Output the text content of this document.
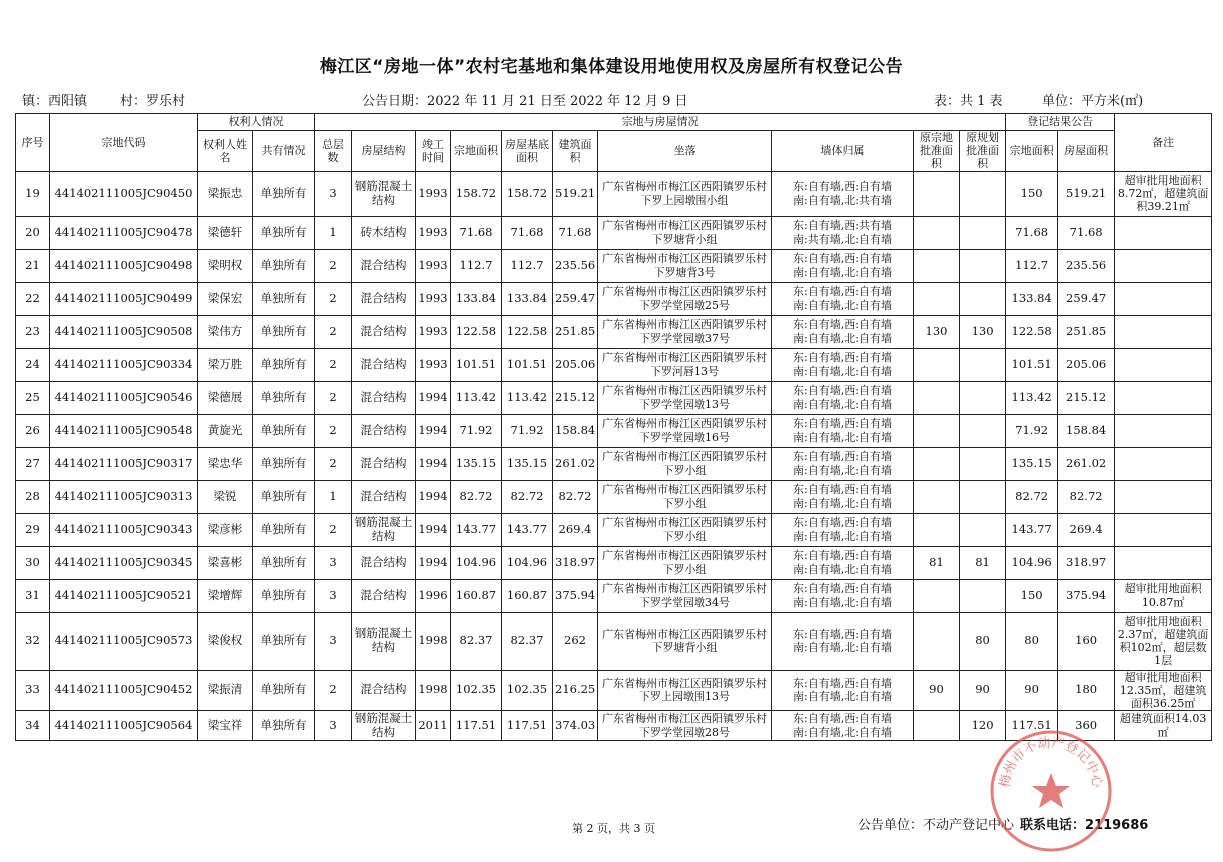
梅江区“房地一体”农村宅基地和集体建设用地使用权及房屋所有权登记公告
镇：西阳镇	村：罗乐村	公告日期：2022 年 11 月 21 日至 2022 年 12 月 9 日	表：共 1 表	单位：平方米(㎡)
序号	宗地代码	权利人情况		宗地与房屋情况										登记结果公告		备注
		权利人姓名	共有情况	总层数	房屋结构	竣工时间	宗地面积	房屋基底面积	建筑面积	坐落	墙体归属	原宗地批准面积	原规划批准面积	宗地面积	房屋面积	
19	441402111005JC90450	梁振忠	单独所有	3	钢筋混凝土结构	1993	158.72	158.72	519.21	广东省梅州市梅江区西阳镇罗乐村下罗上园墩围小组	东:自有墙,西:自有墙
南:自有墙,北:共有墙			150	519.21	超审批用地面积8.72㎡，超建筑面积39.21㎡
20	441402111005JC90478	梁德轩	单独所有	1	砖木结构	1993	71.68	71.68	71.68	广东省梅州市梅江区西阳镇罗乐村下罗塘背小组	东:自有墙,西:共有墙
南:共有墙,北:自有墙			71.68	71.68	
21	441402111005JC90498	梁明权	单独所有	2	混合结构	1993	112.7	112.7	235.56	广东省梅州市梅江区西阳镇罗乐村下罗塘背3号	东:自有墙,西:自有墙
南:自有墙,北:自有墙			112.7	235.56	
22	441402111005JC90499	梁保宏	单独所有	2	混合结构	1993	133.84	133.84	259.47	广东省梅州市梅江区西阳镇罗乐村下罗学堂园墩25号	东:自有墙,西:自有墙
南:自有墙,北:自有墙			133.84	259.47	
23	441402111005JC90508	梁伟方	单独所有	2	混合结构	1993	122.58	122.58	251.85	广东省梅州市梅江区西阳镇罗乐村下罗学堂园墩37号	东:自有墙,西:自有墙
南:自有墙,北:自有墙	130	130	122.58	251.85	
24	441402111005JC90334	梁万胜	单独所有	2	混合结构	1993	101.51	101.51	205.06	广东省梅州市梅江区西阳镇罗乐村下罗河唇13号	东:自有墙,西:自有墙
南:自有墙,北:自有墙			101.51	205.06	
25	441402111005JC90546	梁德展	单独所有	2	混合结构	1994	113.42	113.42	215.12	广东省梅州市梅江区西阳镇罗乐村下罗学堂园墩13号	东:自有墙,西:自有墙
南:自有墙,北:自有墙			113.42	215.12	
26	441402111005JC90548	黄旋光	单独所有	2	混合结构	1994	71.92	71.92	158.84	广东省梅州市梅江区西阳镇罗乐村下罗学堂园墩16号	东:自有墙,西:自有墙
南:自有墙,北:自有墙			71.92	158.84	
27	441402111005JC90317	梁忠华	单独所有	2	混合结构	1994	135.15	135.15	261.02	广东省梅州市梅江区西阳镇罗乐村下罗小组	东:自有墙,西:自有墙
南:自有墙,北:自有墙			135.15	261.02	
28	441402111005JC90313	梁锐	单独所有	1	混合结构	1994	82.72	82.72	82.72	广东省梅州市梅江区西阳镇罗乐村下罗小组	东:自有墙,西:自有墙
南:自有墙,北:自有墙			82.72	82.72	
29	441402111005JC90343	梁彦彬	单独所有	2	钢筋混凝土结构	1994	143.77	143.77	269.4	广东省梅州市梅江区西阳镇罗乐村下罗小组	东:自有墙,西:自有墙
南:自有墙,北:自有墙			143.77	269.4	
30	441402111005JC90345	梁喜彬	单独所有	3	混合结构	1994	104.96	104.96	318.97	广东省梅州市梅江区西阳镇罗乐村下罗小组	东:自有墙,西:自有墙
南:自有墙,北:自有墙	81	81	104.96	318.97	
31	441402111005JC90521	梁增辉	单独所有	3	混合结构	1996	160.87	160.87	375.94	广东省梅州市梅江区西阳镇罗乐村下罗学堂园墩34号	东:自有墙,西:自有墙
南:自有墙,北:自有墙			150	375.94	超审批用地面积10.87㎡
32	441402111005JC90573	梁俊权	单独所有	3	钢筋混凝土结构	1998	82.37	82.37	262	广东省梅州市梅江区西阳镇罗乐村下罗塘背小组	东:自有墙,西:自有墙
南:自有墙,北:自有墙		80	80	160	超审批用地面积2.37㎡，超建筑面积102㎡，超层数1层
33	441402111005JC90452	梁振清	单独所有	2	混合结构	1998	102.35	102.35	216.25	广东省梅州市梅江区西阳镇罗乐村下罗上园墩围13号	东:自有墙,西:自有墙
南:自有墙,北:自有墙	90	90	90	180	超审批用地面积12.35㎡，超建筑面积36.25㎡
34	441402111005JC90564	梁宝祥	单独所有	3	钢筋混凝土结构	2011	117.51	117.51	374.03	广东省梅州市梅江区西阳镇罗乐村下罗学堂园墩28号	东:自有墙,西:自有墙
南:自有墙,北:自有墙		120	117.51	360	超建筑面积14.03㎡
第 2 页，共 3 页	公告单位：不动产登记中心 联系电话：2119686
梅州市不动产登记中心
